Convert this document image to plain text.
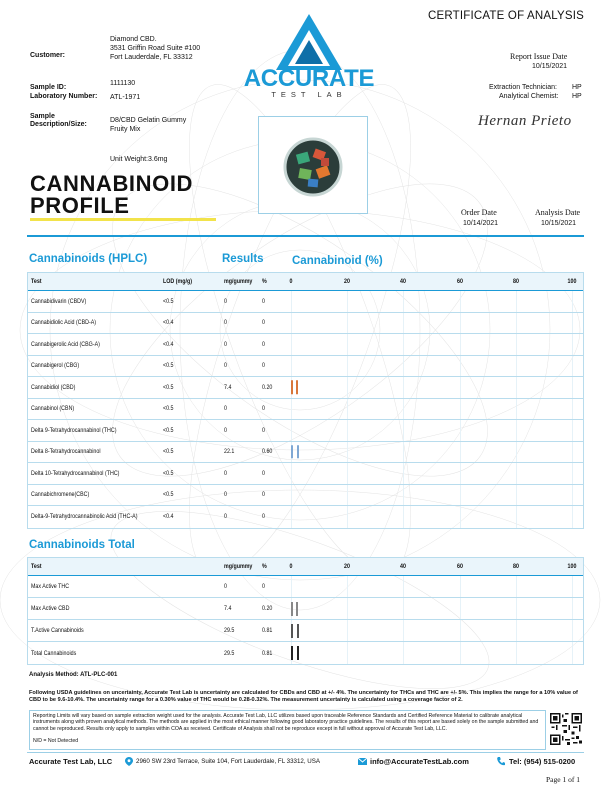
CERTIFICATE OF ANALYSIS
Customer:
Diamond CBD.
3531 Griffin Road Suite #100
Fort Lauderdale, FL 33312
Sample ID:
1111130
Laboratory Number: ATL-1971
Sample
Description/Size:
D8/CBD Gelatin Gummy
Fruity Mix
Unit Weight:3.6mg
ACCURATE
TEST LAB
Report Issue Date
10/15/2021
Extraction Technician: HP
Analytical Chemist: HP
Hernan Prieto
CANNABINOID
PROFILE	Order Date
10/14/2021
Analysis Date
10/15/2021
Cannabinoids (HPLC)	Results Cannabinoid (%)
Test	LOD (mg/g)	mg/gummy %	0	20	40	60	80	100
Cannabidivarin (CBDV)	<0.5	0	0
Cannabidiolic Acid (CBD-A)	<0.4	0	0
Cannabigerolic Acid (CBG-A)	<0.4	0	0
Cannabigerol (CBG)	<0.5	0	0
Cannabidiol (CBD)	<0.5	7.4	0.20
Cannabinol (CBN)	<0.5	0	0
Delta 9-Tetrahydrocannabinol (THC)	<0.5	0	0
Delta 8-Tetrahydrocannabinol	<0.5	22.1	0.60
Delta 10-Tetrahydrocannabinol (THC)	<0.5	0	0
Cannabichromene(CBC)	<0.5	0	0
Delta-9-Tetrahydrocannabinolic Acid (THC-A)	<0.4	0	0
Cannabinoids Total
Test	mg/gummy %	0	20	40	60	80	100
Max Active THC	0	0
Max Active CBD	7.4	0.20
T.Active Cannabinoids	29.5	0.81
Total Cannabinoids	29.5	0.81
Analysis Method: ATL-PLC-001
Following USDA guidelines on uncertainty, Accurate Test Lab is uncertainty are calculated for CBDs and CBD at +/- 4%. The uncertainty for THCs and THC are +/- 5%. This implies the range for a 10% value of CBD to be 9.6-10.4%. The uncertainty range for a 0.30% value of THC would be 0.28-0.32%. The measurement uncertainty is calculated using a coverage factor of 2.
Reporting Limits will vary based on sample extraction weight used for the analysis. Accurate Test Lab, LLC utilizes based upon traceable Reference Standards and Certified Reference Material to calibrate analytical instruments along with proven analytical methods. The methods are applied in the most ethical manner following good laboratory practice guidelines. The results of this report are based solely on the sample submitted and cannot be reproduced. Results only apply to samples within COA as received. Certificate of Analysis shall not be reproduce except in full without approval of Accurate Test Lab, LLC.
N/D = Not Detected
Accurate Test Lab, LLC	2960 SW 23rd Terrace, Suite 104, Fort Lauderdale, FL 33312, USA	info@AccurateTestLab.com	Tel: (954) 515-0200
Page 1 of 1
